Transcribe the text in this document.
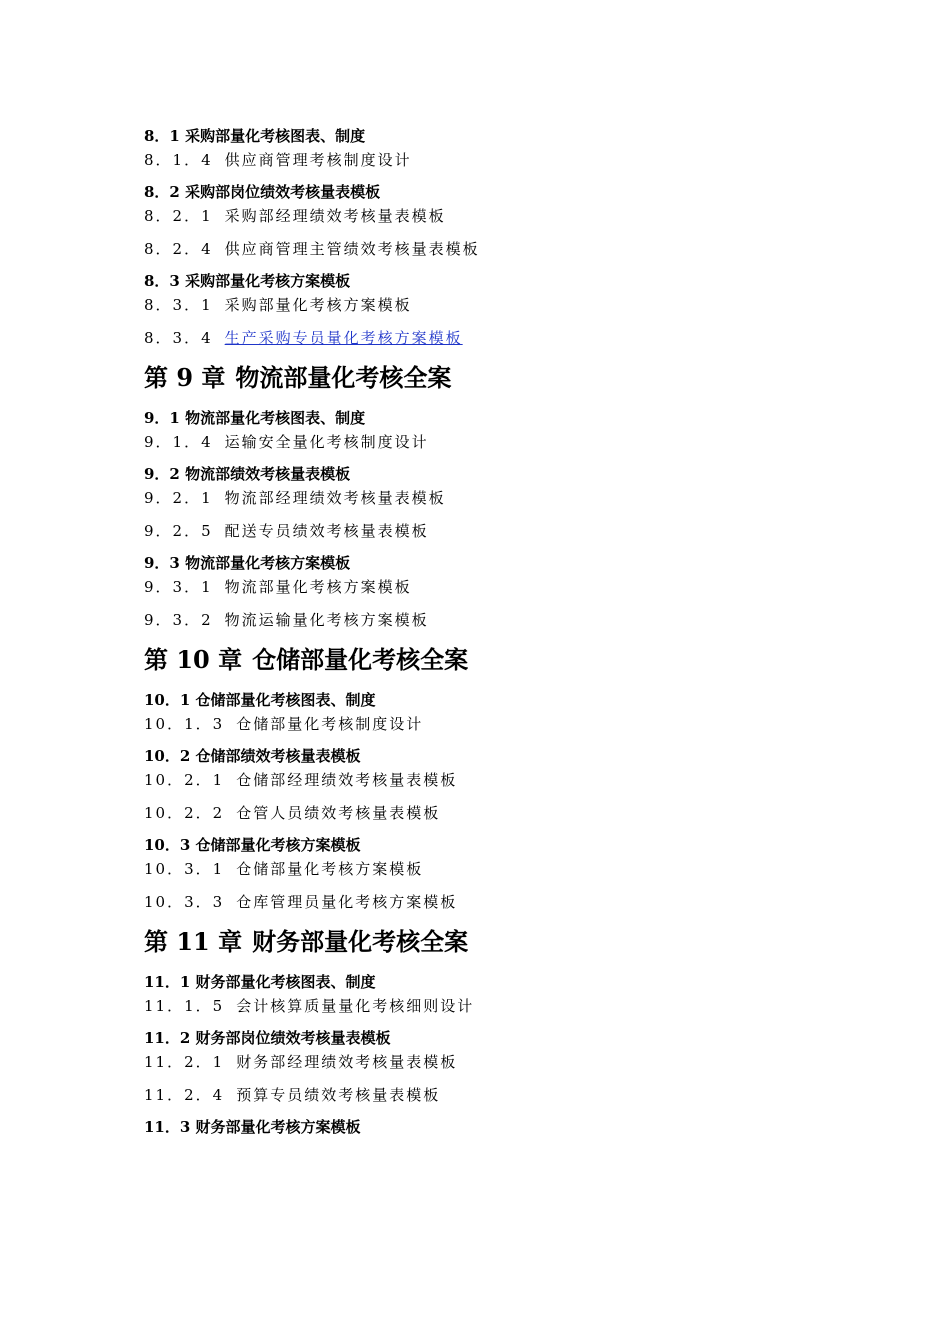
8．1 采购部量化考核图表、制度
8．1．4 供应商管理考核制度设计
8．2 采购部岗位绩效考核量表模板
8．2．1 采购部经理绩效考核量表模板
8．2．4 供应商管理主管绩效考核量表模板
8．3 采购部量化考核方案模板
8．3．1 采购部量化考核方案模板
8．3．4 生产采购专员量化考核方案模板
第 9 章 物流部量化考核全案
9．1 物流部量化考核图表、制度
9．1．4 运输安全量化考核制度设计
9．2 物流部绩效考核量表模板
9．2．1 物流部经理绩效考核量表模板
9．2．5 配送专员绩效考核量表模板
9．3 物流部量化考核方案模板
9．3．1 物流部量化考核方案模板
9．3．2 物流运输量化考核方案模板
第 10 章 仓储部量化考核全案
10．1 仓储部量化考核图表、制度
10．1．3 仓储部量化考核制度设计
10．2 仓储部绩效考核量表模板
10．2．1 仓储部经理绩效考核量表模板
10．2．2 仓管人员绩效考核量表模板
10．3 仓储部量化考核方案模板
10．3．1 仓储部量化考核方案模板
10．3．3 仓库管理员量化考核方案模板
第 11 章 财务部量化考核全案
11．1 财务部量化考核图表、制度
11．1．5 会计核算质量量化考核细则设计
11．2 财务部岗位绩效考核量表模板
11．2．1 财务部经理绩效考核量表模板
11．2．4 预算专员绩效考核量表模板
11．3 财务部量化考核方案模板
